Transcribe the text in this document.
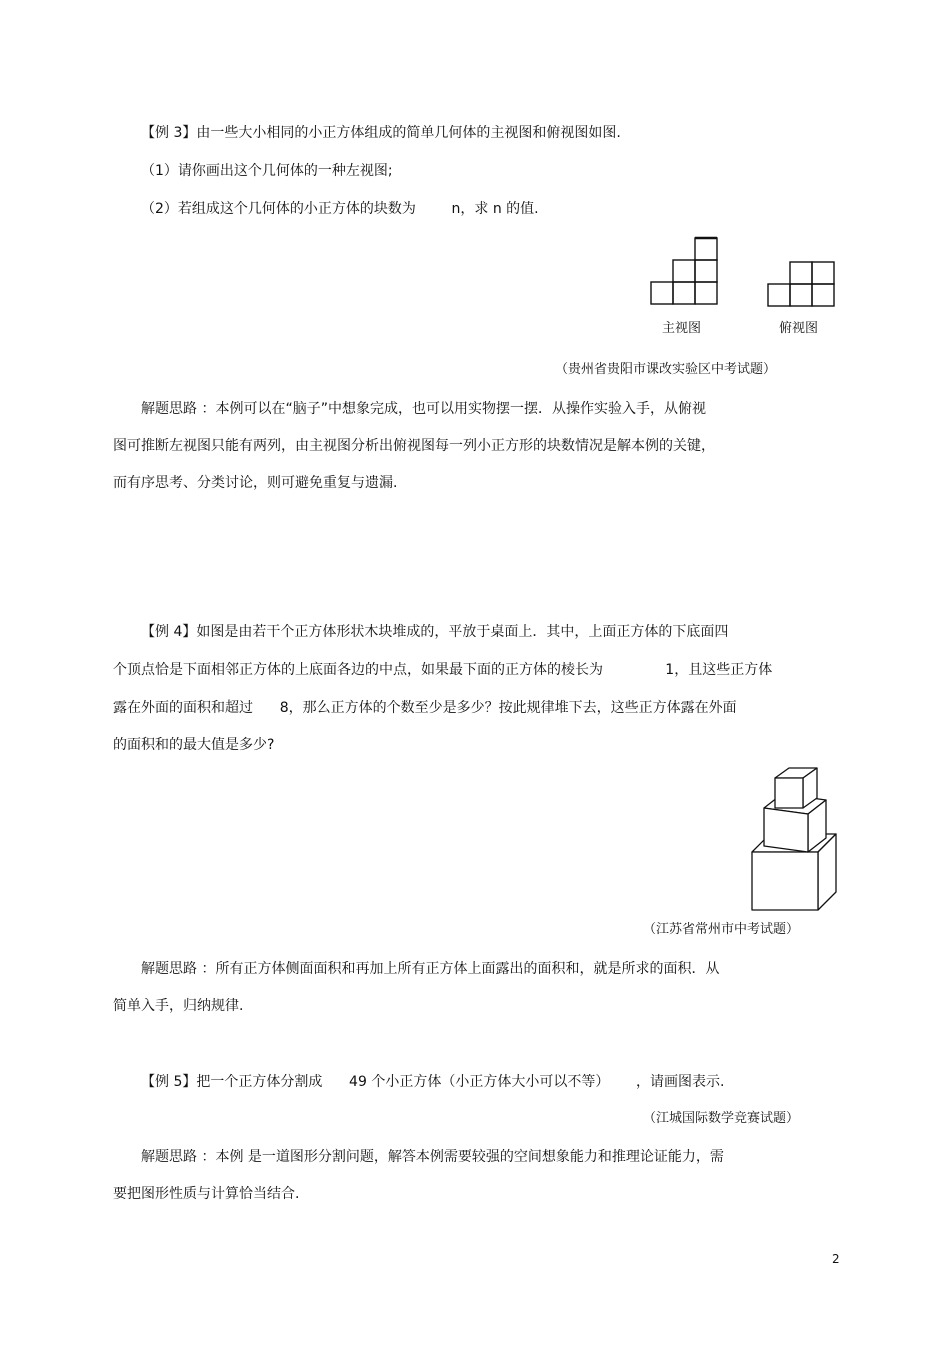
【例 3】由一些大小相同的小正方体组成的简单几何体的主视图和俯视图如图.
（1）请你画出这个几何体的一种左视图;
（2）若组成这个几何体的小正方体的块数为        n，求 n 的值.
主视图	俯视图
（贵州省贵阳市课改实验区中考试题）
解题思路 ：本例可以在“脑子”中想象完成，也可以用实物摆一摆．从操作实验入手，从俯视
图可推断左视图只能有两列，由主视图分析出俯视图每一列小正方形的块数情况是解本例的关键，
而有序思考、分类讨论，则可避免重复与遗漏.
【例 4】如图是由若干个正方体形状木块堆成的，平放于桌面上．其中，上面正方体的下底面四
个顶点恰是下面相邻正方体的上底面各边的中点，如果最下面的正方体的棱长为              1，且这些正方体
露在外面的面积和超过      8，那么正方体的个数至少是多少？按此规律堆下去，这些正方体露在外面
的面积和的最大值是多少?
（江苏省常州市中考试题）
解题思路 ：所有正方体侧面面积和再加上所有正方体上面露出的面积和，就是所求的面积．从
简单入手，归纳规律.
【例 5】把一个正方体分割成      49 个小正方体（小正方体大小可以不等）      ，请画图表示.
（江城国际数学竞赛试题）
解题思路 ：本例 是一道图形分割问题，解答本例需要较强的空间想象能力和推理论证能力，需
要把图形性质与计算恰当结合.
2
